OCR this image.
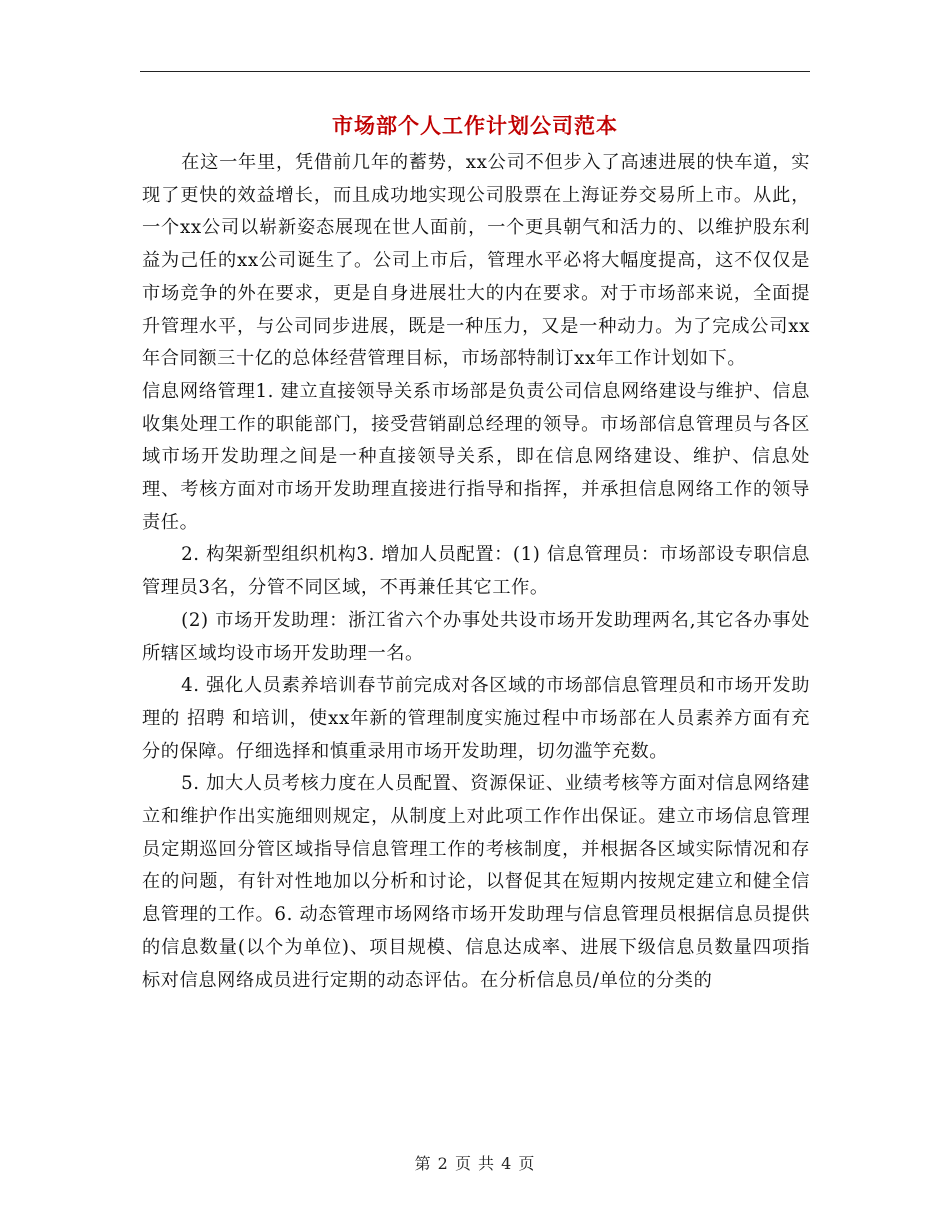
市场部个人工作计划公司范本

在这一年里，凭借前几年的蓄势，xx公司不但步入了高速进展的快车道，实现了更快的效益增长，而且成功地实现公司股票在上海证券交易所上市。从此，一个xx公司以崭新姿态展现在世人面前，一个更具朝气和活力的、以维护股东利益为己任的xx公司诞生了。公司上市后，管理水平必将大幅度提高，这不仅仅是市场竞争的外在要求，更是自身进展壮大的内在要求。对于市场部来说，全面提升管理水平，与公司同步进展，既是一种压力，又是一种动力。为了完成公司xx年合同额三十亿的总体经营管理目标，市场部特制订xx年工作计划如下。

信息网络管理1. 建立直接领导关系市场部是负责公司信息网络建设与维护、信息收集处理工作的职能部门，接受营销副总经理的领导。市场部信息管理员与各区域市场开发助理之间是一种直接领导关系，即在信息网络建设、维护、信息处理、考核方面对市场开发助理直接进行指导和指挥，并承担信息网络工作的领导责任。

2. 构架新型组织机构3. 增加人员配置：(1) 信息管理员：市场部设专职信息管理员3名，分管不同区域，不再兼任其它工作。

(2) 市场开发助理：浙江省六个办事处共设市场开发助理两名,其它各办事处所辖区域均设市场开发助理一名。

4. 强化人员素养培训春节前完成对各区域的市场部信息管理员和市场开发助理的 招聘 和培训，使xx年新的管理制度实施过程中市场部在人员素养方面有充分的保障。仔细选择和慎重录用市场开发助理，切勿滥竽充数。

5. 加大人员考核力度在人员配置、资源保证、业绩考核等方面对信息网络建立和维护作出实施细则规定，从制度上对此项工作作出保证。建立市场信息管理员定期巡回分管区域指导信息管理工作的考核制度，并根据各区域实际情况和存在的问题，有针对性地加以分析和讨论，以督促其在短期内按规定建立和健全信息管理的工作。6. 动态管理市场网络市场开发助理与信息管理员根据信息员提供的信息数量(以个为单位)、项目规模、信息达成率、进展下级信息员数量四项指标对信息网络成员进行定期的动态评估。在分析信息员/单位的分类的

第 2 页 共 4 页
